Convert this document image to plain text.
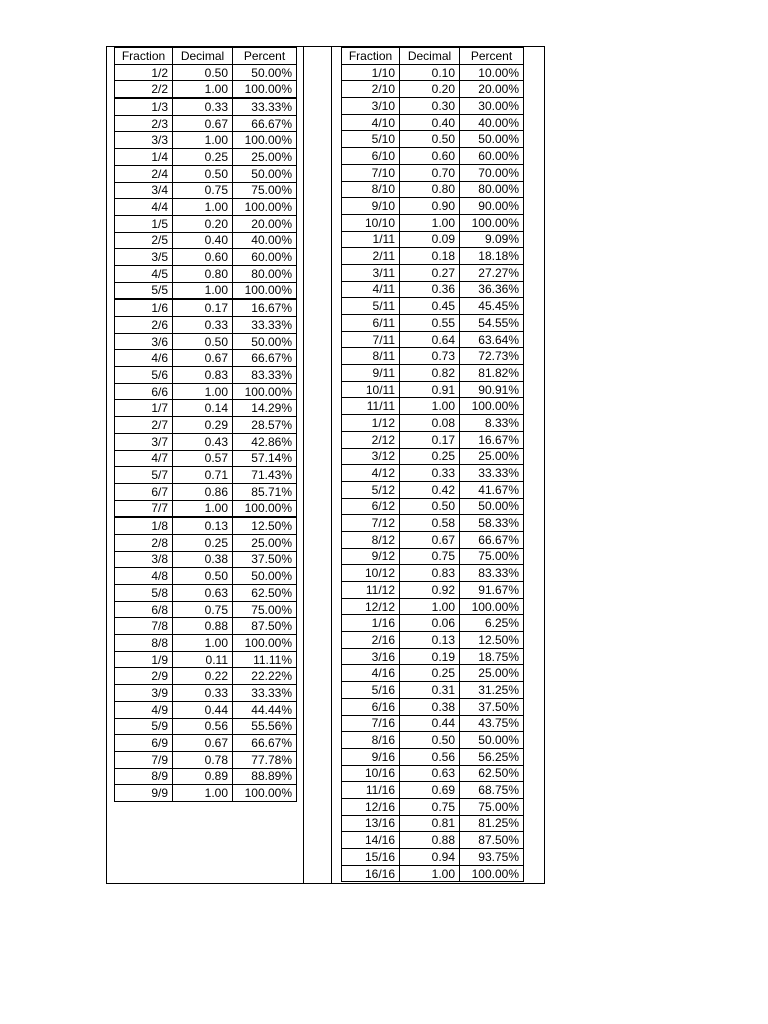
Fraction	Decimal	Percent
1/2	0.50	50.00%
2/2	1.00	100.00%
1/3	0.33	33.33%
2/3	0.67	66.67%
3/3	1.00	100.00%
1/4	0.25	25.00%
2/4	0.50	50.00%
3/4	0.75	75.00%
4/4	1.00	100.00%
1/5	0.20	20.00%
2/5	0.40	40.00%
3/5	0.60	60.00%
4/5	0.80	80.00%
5/5	1.00	100.00%
1/6	0.17	16.67%
2/6	0.33	33.33%
3/6	0.50	50.00%
4/6	0.67	66.67%
5/6	0.83	83.33%
6/6	1.00	100.00%
1/7	0.14	14.29%
2/7	0.29	28.57%
3/7	0.43	42.86%
4/7	0.57	57.14%
5/7	0.71	71.43%
6/7	0.86	85.71%
7/7	1.00	100.00%
1/8	0.13	12.50%
2/8	0.25	25.00%
3/8	0.38	37.50%
4/8	0.50	50.00%
5/8	0.63	62.50%
6/8	0.75	75.00%
7/8	0.88	87.50%
8/8	1.00	100.00%
1/9	0.11	11.11%
2/9	0.22	22.22%
3/9	0.33	33.33%
4/9	0.44	44.44%
5/9	0.56	55.56%
6/9	0.67	66.67%
7/9	0.78	77.78%
8/9	0.89	88.89%
9/9	1.00	100.00%
Fraction	Decimal	Percent
1/10	0.10	10.00%
2/10	0.20	20.00%
3/10	0.30	30.00%
4/10	0.40	40.00%
5/10	0.50	50.00%
6/10	0.60	60.00%
7/10	0.70	70.00%
8/10	0.80	80.00%
9/10	0.90	90.00%
10/10	1.00	100.00%
1/11	0.09	9.09%
2/11	0.18	18.18%
3/11	0.27	27.27%
4/11	0.36	36.36%
5/11	0.45	45.45%
6/11	0.55	54.55%
7/11	0.64	63.64%
8/11	0.73	72.73%
9/11	0.82	81.82%
10/11	0.91	90.91%
11/11	1.00	100.00%
1/12	0.08	8.33%
2/12	0.17	16.67%
3/12	0.25	25.00%
4/12	0.33	33.33%
5/12	0.42	41.67%
6/12	0.50	50.00%
7/12	0.58	58.33%
8/12	0.67	66.67%
9/12	0.75	75.00%
10/12	0.83	83.33%
11/12	0.92	91.67%
12/12	1.00	100.00%
1/16	0.06	6.25%
2/16	0.13	12.50%
3/16	0.19	18.75%
4/16	0.25	25.00%
5/16	0.31	31.25%
6/16	0.38	37.50%
7/16	0.44	43.75%
8/16	0.50	50.00%
9/16	0.56	56.25%
10/16	0.63	62.50%
11/16	0.69	68.75%
12/16	0.75	75.00%
13/16	0.81	81.25%
14/16	0.88	87.50%
15/16	0.94	93.75%
16/16	1.00	100.00%
